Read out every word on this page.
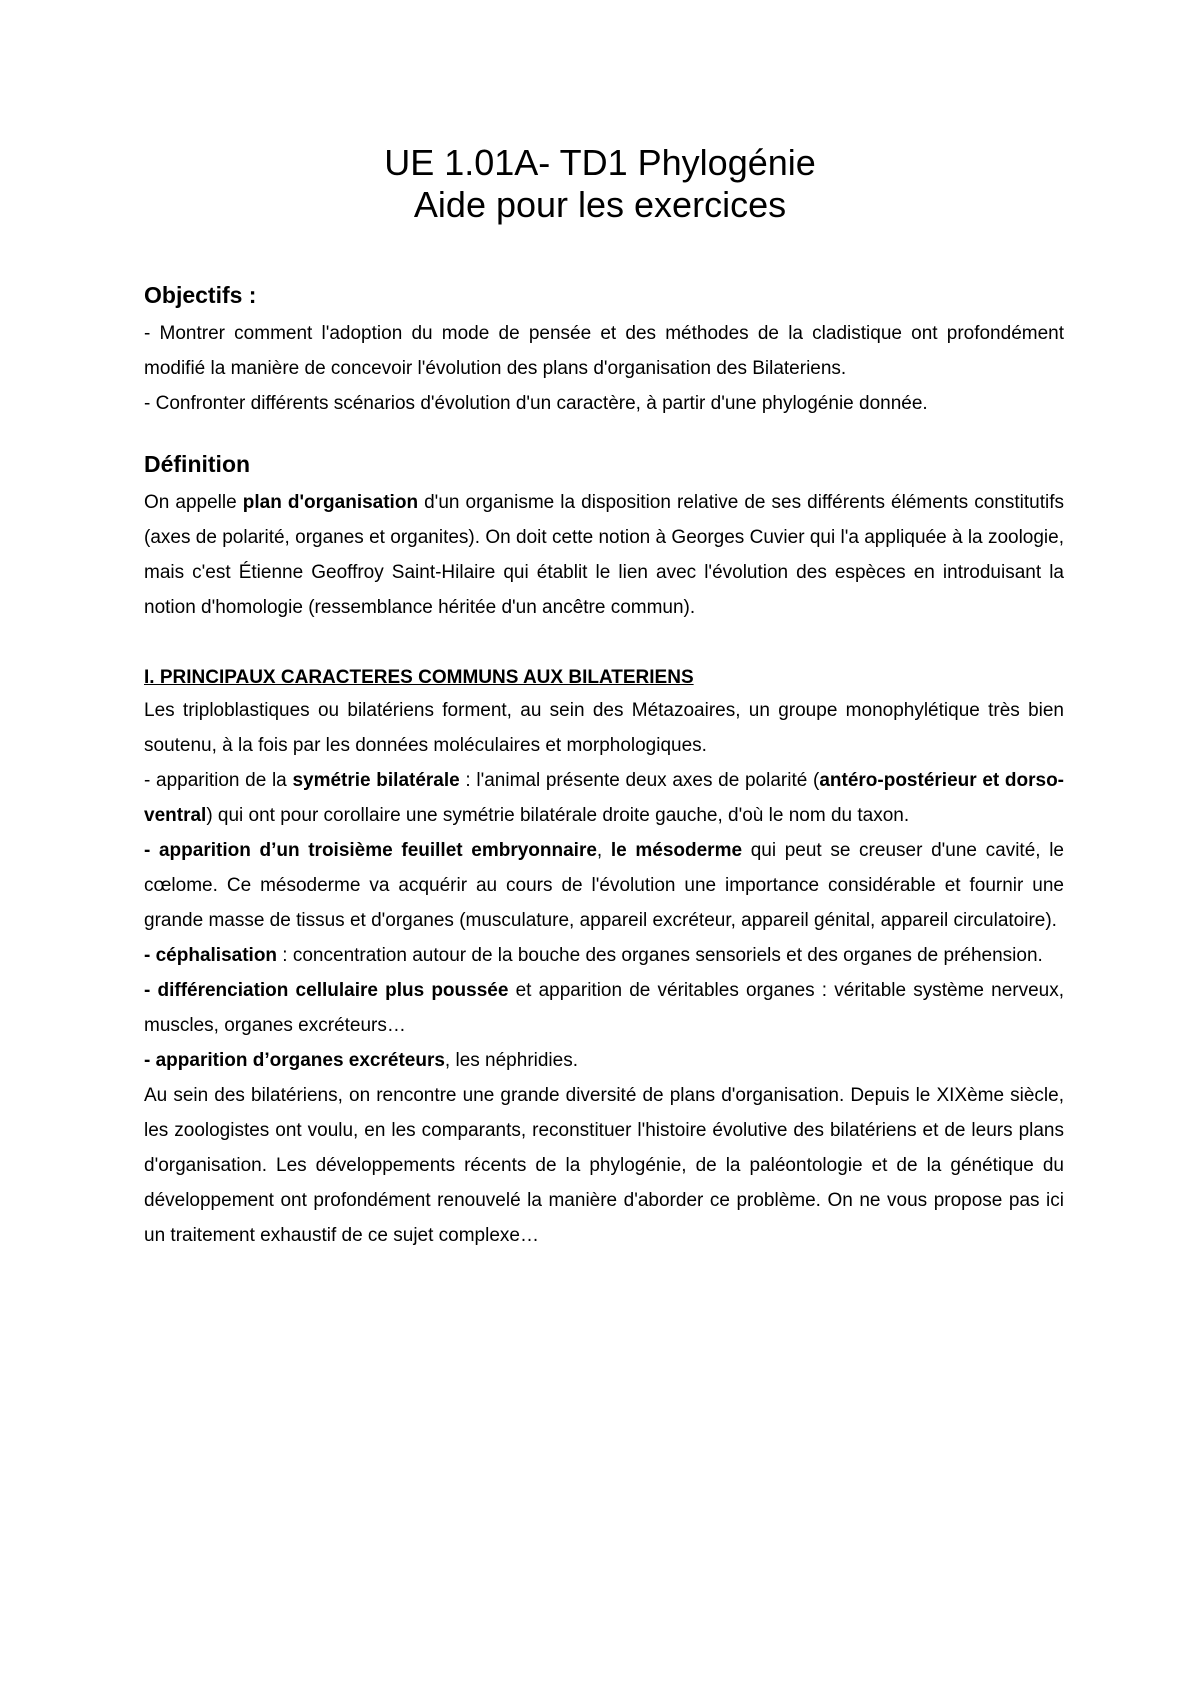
UE 1.01A- TD1 Phylogénie
Aide pour les exercices
Objectifs :

- Montrer comment l'adoption du mode de pensée et des méthodes de la cladistique ont profondément modifié la manière de concevoir l'évolution des plans d'organisation des Bilateriens.

- Confronter différents scénarios d'évolution d'un caractère, à partir d'une phylogénie donnée.

Définition

On appelle plan d'organisation d'un organisme la disposition relative de ses différents éléments constitutifs (axes de polarité, organes et organites). On doit cette notion à Georges Cuvier qui l'a appliquée à la zoologie, mais c'est Étienne Geoffroy Saint-Hilaire qui établit le lien avec l'évolution des espèces en introduisant la notion d'homologie (ressemblance héritée d'un ancêtre commun).

I. PRINCIPAUX CARACTERES COMMUNS AUX BILATERIENS

Les triploblastiques ou bilatériens forment, au sein des Métazoaires, un groupe monophylétique très bien soutenu, à la fois par les données moléculaires et morphologiques.

- apparition de la symétrie bilatérale : l'animal présente deux axes de polarité (antéro-postérieur et dorso-ventral) qui ont pour corollaire une symétrie bilatérale droite gauche, d'où le nom du taxon.

- apparition d’un troisième feuillet embryonnaire, le mésoderme qui peut se creuser d'une cavité, le cœlome. Ce mésoderme va acquérir au cours de l'évolution une importance considérable et fournir une grande masse de tissus et d'organes (musculature, appareil excréteur, appareil génital, appareil circulatoire).

- céphalisation : concentration autour de la bouche des organes sensoriels et des organes de préhension.

- différenciation cellulaire plus poussée et apparition de véritables organes : véritable système nerveux, muscles, organes excréteurs…

- apparition d’organes excréteurs, les néphridies.

Au sein des bilatériens, on rencontre une grande diversité de plans d'organisation. Depuis le XIXème siècle, les zoologistes ont voulu, en les comparants, reconstituer l'histoire évolutive des bilatériens et de leurs plans d'organisation. Les développements récents de la phylogénie, de la paléontologie et de la génétique du développement ont profondément renouvelé la manière d'aborder ce problème. On ne vous propose pas ici un traitement exhaustif de ce sujet complexe…
